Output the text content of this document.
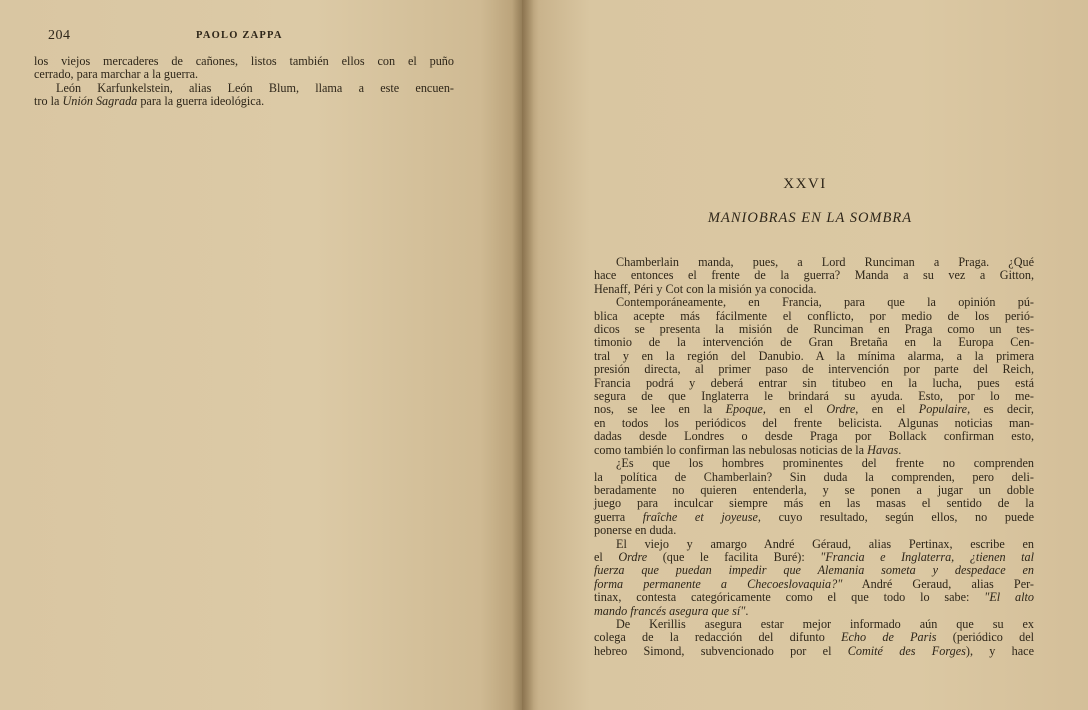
204	PAOLO ZAPPA
los viejos mercaderes de cañones, listos también ellos con el puño
cerrado, para marchar a la guerra.
León Karfunkelstein, alias León Blum, llama a este encuen-
tro la Unión Sagrada para la guerra ideológica.
XXVI
MANIOBRAS EN LA SOMBRA
Chamberlain manda, pues, a Lord Runciman a Praga. ¿Qué
hace entonces el frente de la guerra? Manda a su vez a Gitton,
Henaff, Péri y Cot con la misión ya conocida.
Contemporáneamente, en Francia, para que la opinión pú-
blica acepte más fácilmente el conflicto, por medio de los perió-
dicos se presenta la misión de Runciman en Praga como un tes-
timonio de la intervención de Gran Bretaña en la Europa Cen-
tral y en la región del Danubio. A la mínima alarma, a la primera
presión directa, al primer paso de intervención por parte del Reich,
Francia podrá y deberá entrar sin titubeo en la lucha, pues está
segura de que Inglaterra le brindará su ayuda. Esto, por lo me-
nos, se lee en la Epoque, en el Ordre, en el Populaire, es decir,
en todos los periódicos del frente belicista. Algunas noticias man-
dadas desde Londres o desde Praga por Bollack confirman esto,
como también lo confirman las nebulosas noticias de la Havas.
¿Es que los hombres prominentes del frente no comprenden
la política de Chamberlain? Sin duda la comprenden, pero deli-
beradamente no quieren entenderla, y se ponen a jugar un doble
juego para inculcar siempre más en las masas el sentido de la
guerra fraîche et joyeuse, cuyo resultado, según ellos, no puede
ponerse en duda.
El viejo y amargo André Géraud, alias Pertinax, escribe en
el Ordre (que le facilita Buré): "Francia e Inglaterra, ¿tienen tal
fuerza que puedan impedir que Alemania someta y despedace en
forma permanente a Checoeslovaquia?" André Geraud, alias Per-
tinax, contesta categóricamente como el que todo lo sabe: "El alto
mando francés asegura que sí".
De Kerillis asegura estar mejor informado aún que su ex
colega de la redacción del difunto Echo de Paris (periódico del
hebreo Simond, subvencionado por el Comité des Forges), y hace
